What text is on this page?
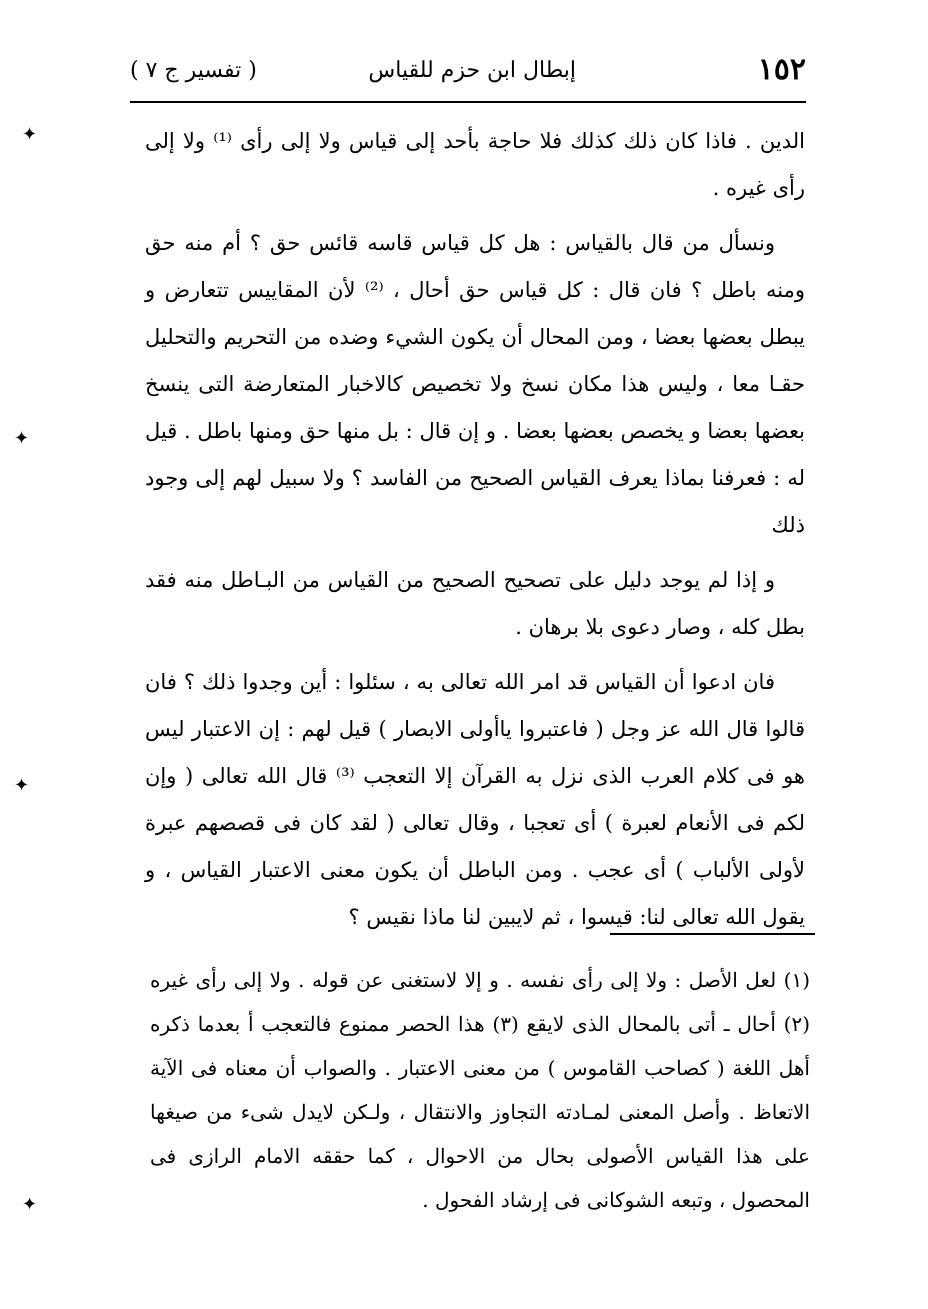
١٥٢
إبطال ابن حزم للقياس
( تفسير ج ٧ )

الدين . فاذا كان ذلك كذلك فلا حاجة بأحد إلى قياس ولا إلى رأى ⁽¹⁾ ولا إلى رأى غيره .

ونسأل من قال بالقياس : هل كل قياس قاسه قائس حق ؟ أم منه حق ومنه باطل ؟ فان قال : كل قياس حق أحال ، ⁽²⁾ لأن المقاييس تتعارض و يبطل بعضها بعضا ، ومن المحال أن يكون الشيء وضده من التحريم والتحليل حقـا معا ، وليس هذا مكان نسخ ولا تخصيص كالاخبار المتعارضة التى ينسخ بعضها بعضا و يخصص بعضها بعضا . و إن قال : بل منها حق ومنها باطل . قيل له : فعرفنا بماذا يعرف القياس الصحيح من الفاسد ؟ ولا سبيل لهم إلى وجود ذلك

و إذا لم يوجد دليل على تصحيح الصحيح من القياس من البـاطل منه فقد بطل كله ، وصار دعوى بلا برهان .

فان ادعوا أن القياس قد امر الله تعالى به ، سئلوا : أين وجدوا ذلك ؟ فان قالوا قال الله عز وجل ( فاعتبروا ياأولى الابصار ) قيل لهم : إن الاعتبار ليس هو فى كلام العرب الذى نزل به القرآن إلا التعجب ⁽³⁾ قال الله تعالى ( وإن لكم فى الأنعام لعبرة ) أى تعجبا ، وقال تعالى ( لقد كان فى قصصهم عبرة لأولى الألباب ) أى عجب . ومن الباطل أن يكون معنى الاعتبار القياس ، و يقول الله تعالى لنا: قيسوا ، ثم لايبين لنا ماذا نقيس ؟

(١) لعل الأصل : ولا إلى رأى نفسه . و إلا لاستغنى عن قوله . ولا إلى رأى غيره (٢) أحال ـ أتى بالمحال الذى لايقع (٣) هذا الحصر ممنوع فالتعجب أ بعدما ذكره أهل اللغة ( كصاحب القاموس ) من معنى الاعتبار . والصواب أن معناه فى الآية الاتعاظ . وأصل المعنى لمـادته التجاوز والانتقال ، ولـكن لايدل شىء من صيغها على هذا القياس الأصولى بحال من الاحوال ، كما حققه الامام الرازى فى المحصول ، وتبعه الشوكانى فى إرشاد الفحول .

✦
✦
✦
✦
